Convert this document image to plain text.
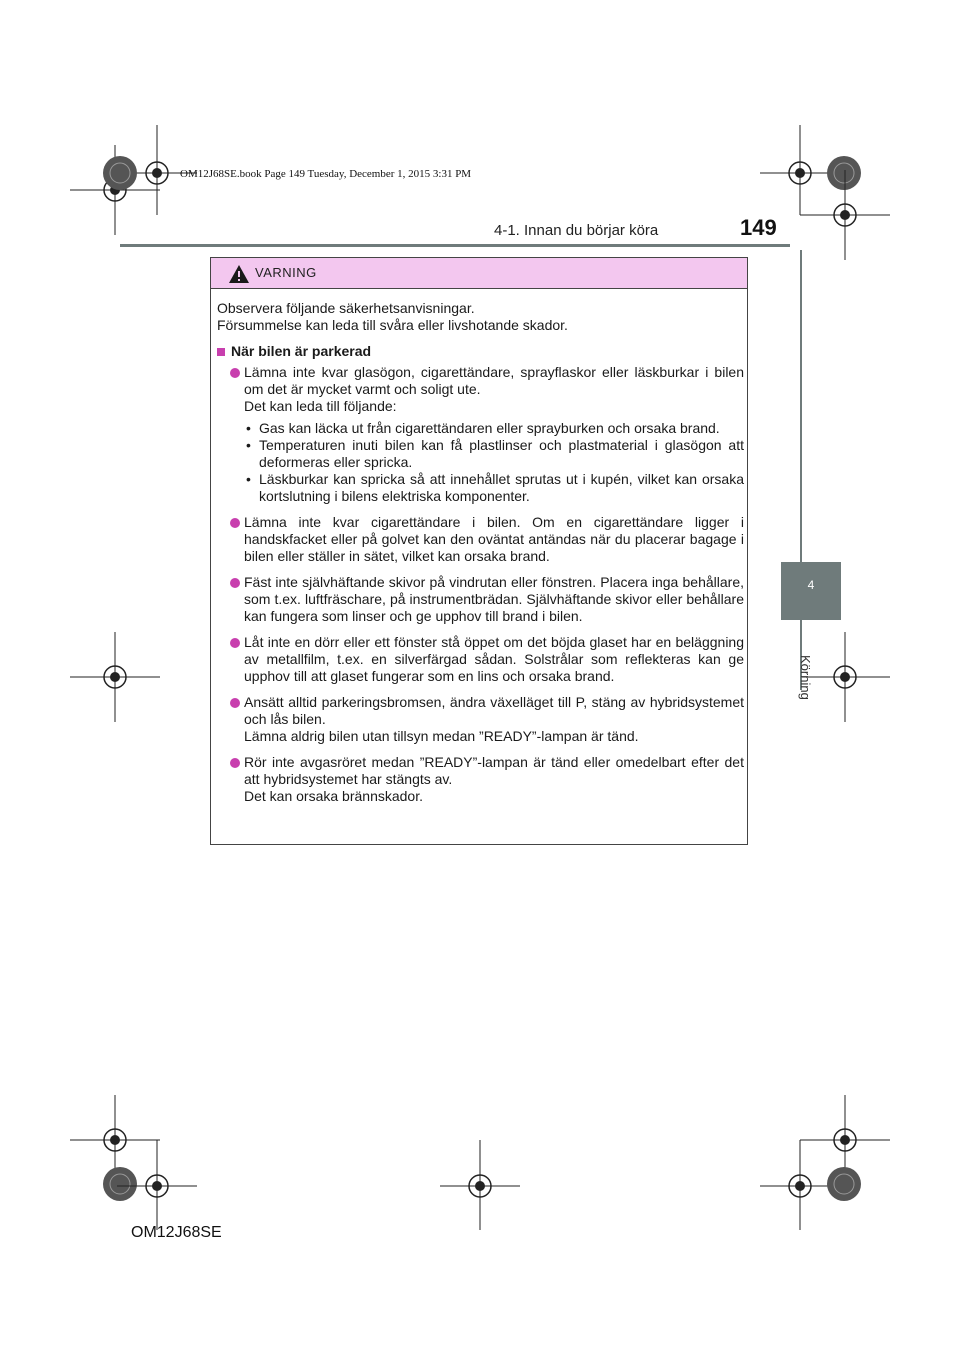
OM12J68SE.book Page 149 Tuesday, December 1, 2015 3:31 PM
4-1. Innan du börjar köra	149
4
Körning
VARNING

Observera följande säkerhetsanvisningar.

Försummelse kan leda till svåra eller livshotande skador.

När bilen är parkerad

Lämna inte kvar glasögon, cigarettändare, sprayflaskor eller läskburkar i bilen om det är mycket varmt och soligt ute.

Det kan leda till följande:

• Gas kan läcka ut från cigarettändaren eller sprayburken och orsaka brand.
• Temperaturen inuti bilen kan få plastlinser och plastmaterial i glasögon att deformeras eller spricka.
• Läskburkar kan spricka så att innehållet sprutas ut i kupén, vilket kan orsaka kortslutning i bilens elektriska komponenter.

Lämna inte kvar cigarettändare i bilen. Om en cigarettändare ligger i handskfacket eller på golvet kan den oväntat antändas när du placerar bagage i bilen eller ställer in sätet, vilket kan orsaka brand.

Fäst inte självhäftande skivor på vindrutan eller fönstren. Placera inga behållare, som t.ex. luftfräschare, på instrumentbrädan. Självhäftande skivor eller behållare kan fungera som linser och ge upphov till brand i bilen.

Låt inte en dörr eller ett fönster stå öppet om det böjda glaset har en beläggning av metallfilm, t.ex. en silverfärgad sådan. Solstrålar som reflekteras kan ge upphov till att glaset fungerar som en lins och orsaka brand.

Ansätt alltid parkeringsbromsen, ändra växelläget till P, stäng av hybridsystemet och lås bilen.

Lämna aldrig bilen utan tillsyn medan ”READY”-lampan är tänd.

Rör inte avgasröret medan ”READY”-lampan är tänd eller omedelbart efter det att hybridsystemet har stängts av.

Det kan orsaka brännskador.

OM12J68SE
